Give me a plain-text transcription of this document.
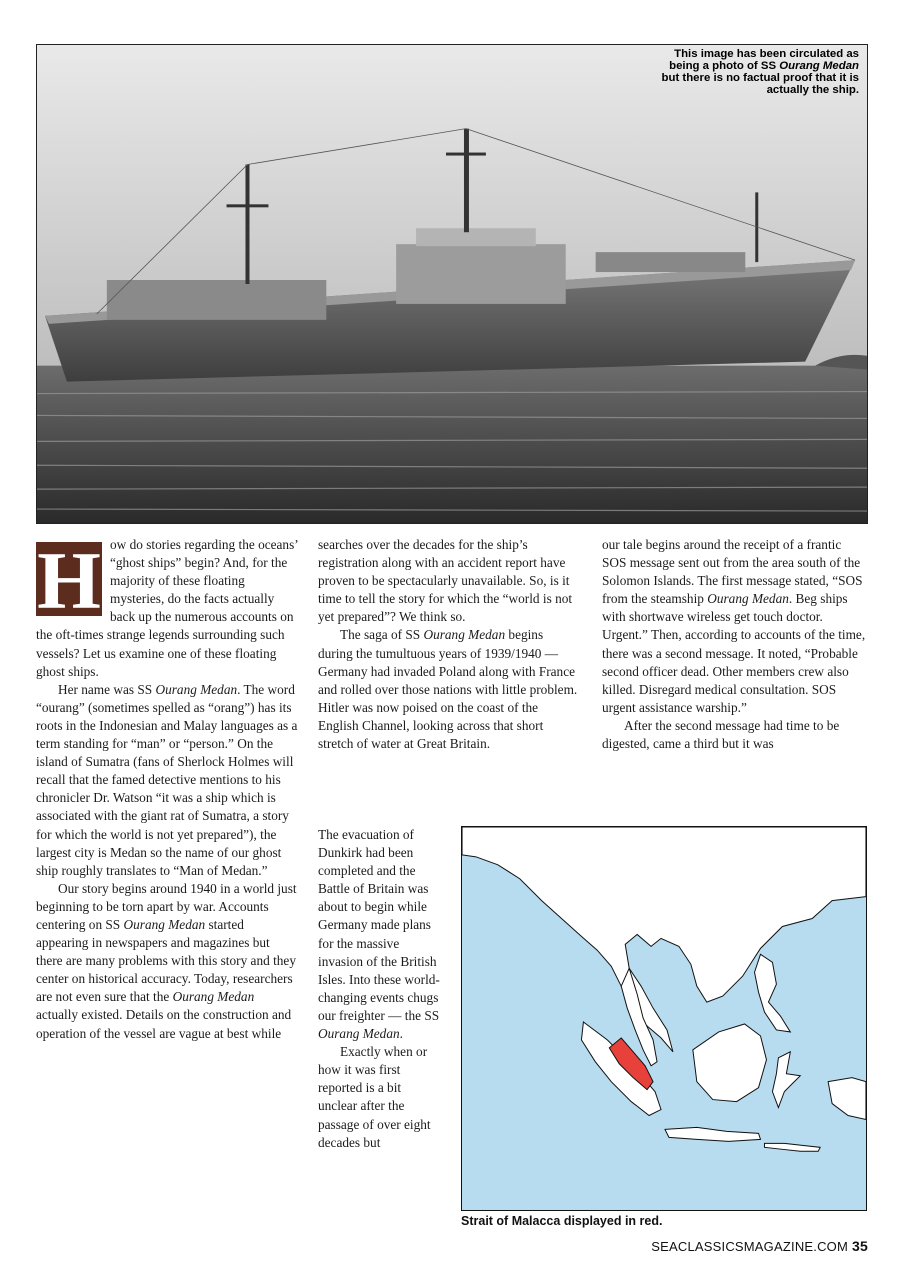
This image has been circulated as
being a photo of SS Ourang Medan
but there is no factual proof that it is
actually the ship.

H ow do stories regarding the oceans’ “ghost ships” begin? And, for the majority of these floating mysteries, do the facts actually back up the numerous accounts on the oft-times strange legends surrounding such vessels? Let us examine one of these floating ghost ships.

Her name was SS Ourang Medan. The word “ourang” (sometimes spelled as “orang”) has its roots in the Indonesian and Malay languages as a term standing for “man” or “person.” On the island of Sumatra (fans of Sherlock Holmes will recall that the famed detective mentions to his chronicler Dr. Watson “it was a ship which is associated with the giant rat of Sumatra, a story for which the world is not yet prepared”), the largest city is Medan so the name of our ghost ship roughly translates to “Man of Medan.”

Our story begins around 1940 in a world just beginning to be torn apart by war. Accounts centering on SS Ourang Medan started appearing in newspapers and magazines but there are many problems with this story and they center on historical accuracy. Today, researchers are not even sure that the Ourang Medan actually existed. Details on the construction and operation of the vessel are vague at best while

searches over the decades for the ship’s registration along with an accident report have proven to be spectacularly unavailable. So, is it time to tell the story for which the “world is not yet prepared”? We think so.

The saga of SS Ourang Medan begins during the tumultuous years of 1939/1940 — Germany had invaded Poland along with France and rolled over those nations with little problem. Hitler was now poised on the coast of the English Channel, looking across that short stretch of water at Great Britain.

The evacuation of Dunkirk had been completed and the Battle of Britain was about to begin while Germany made plans for the massive invasion of the British Isles. Into these world-changing events chugs our freighter — the SS Ourang Medan.

Exactly when or how it was first reported is a bit unclear after the passage of over eight decades but

our tale begins around the receipt of a frantic SOS message sent out from the area south of the Solomon Islands. The first message stated, “SOS from the steamship Ourang Medan. Beg ships with shortwave wireless get touch doctor. Urgent.” Then, according to accounts of the time, there was a second message. It noted, “Probable second officer dead. Other members crew also killed. Disregard medical consultation. SOS urgent assistance warship.”

After the second message had time to be digested, came a third but it was

Strait of Malacca displayed in red.
SEACLASSICSMAGAZINE.COM 35
